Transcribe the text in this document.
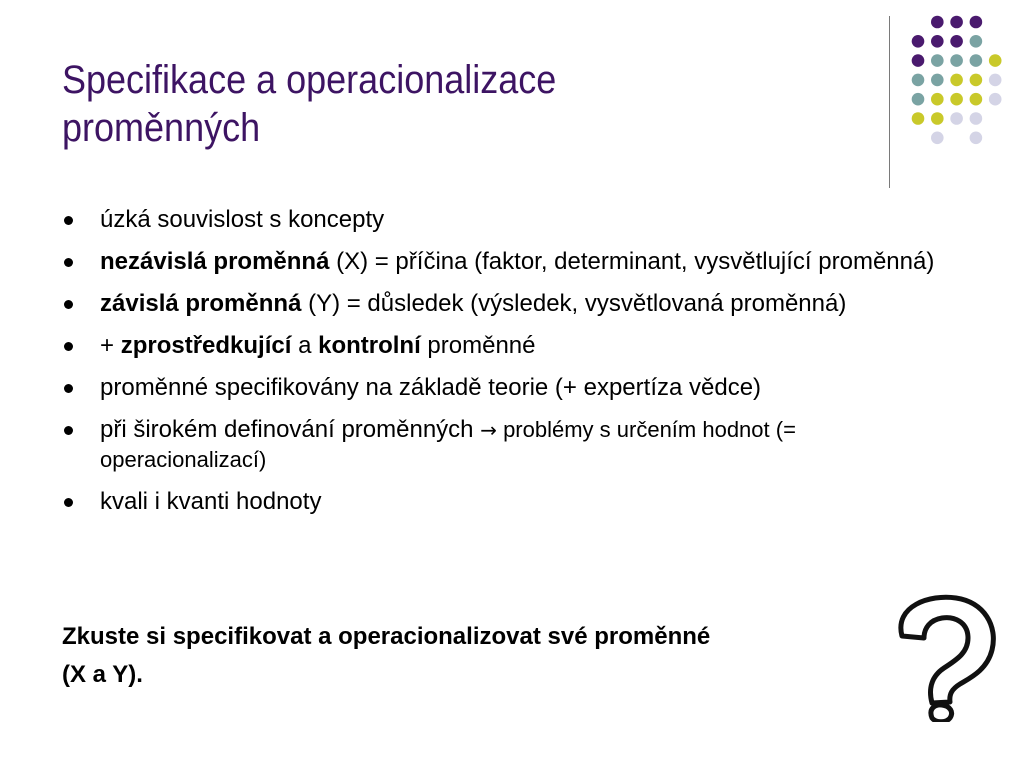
Specifikace a operacionalizace
proměnných
úzká souvislost s koncepty
nezávislá proměnná (X) = příčina (faktor, determinant, vysvětlující proměnná)
závislá proměnná (Y) = důsledek (výsledek, vysvětlovaná proměnná)
+ zprostředkující a kontrolní proměnné
proměnné specifikovány na základě teorie (+ expertíza vědce)
při širokém definování proměnných → problémy s určením hodnot (= operacionalizací)
kvali i kvanti hodnoty

Zkuste si specifikovat a operacionalizovat své proměnné
(X a Y).
